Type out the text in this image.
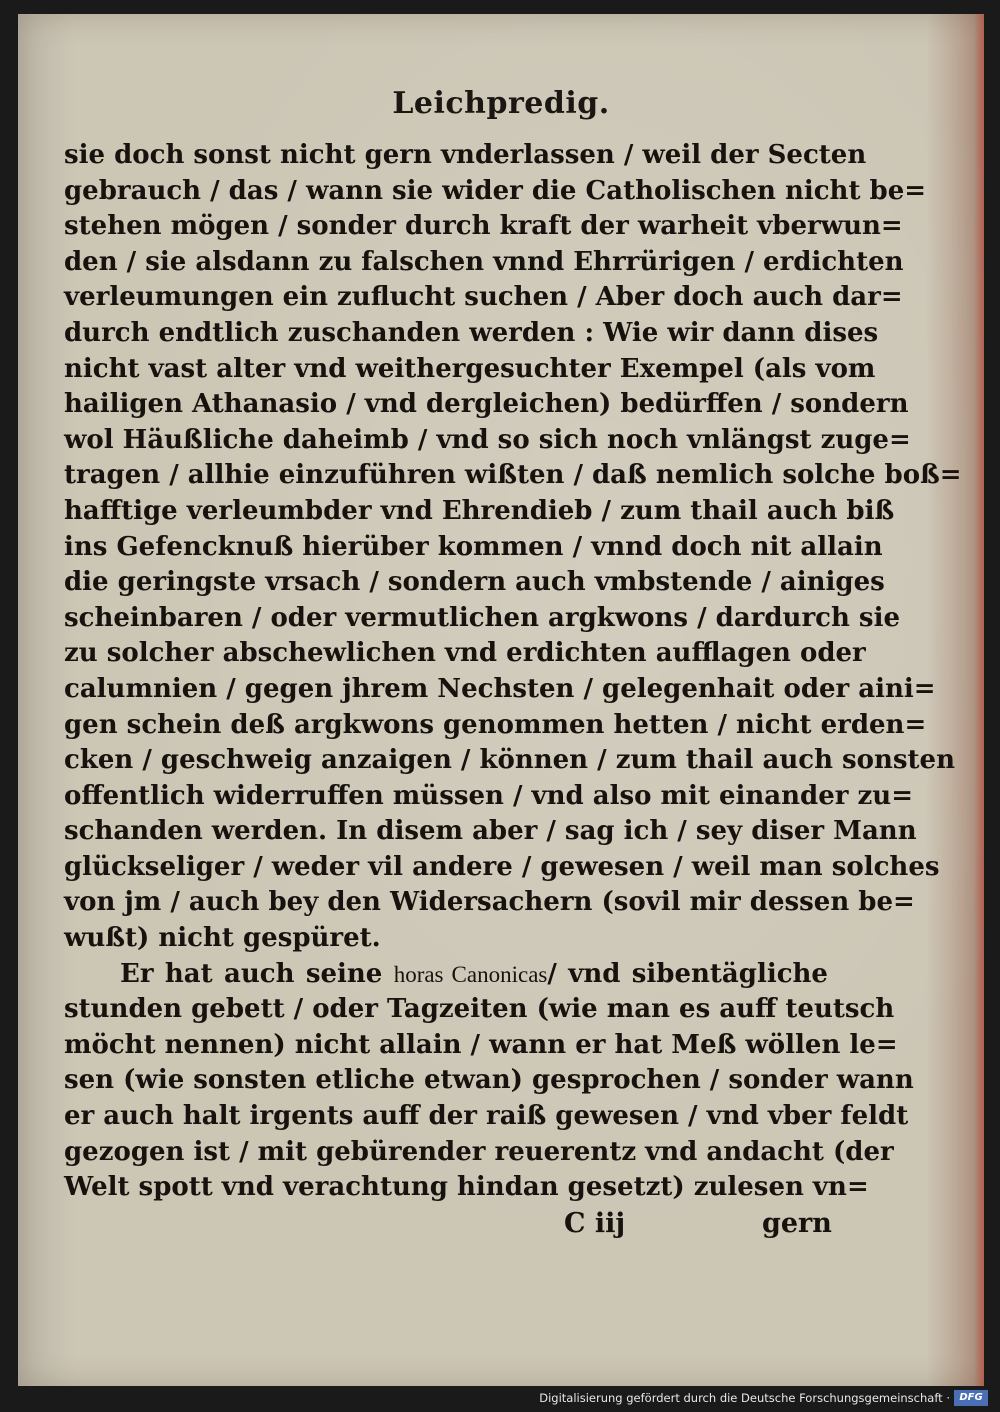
Leichpredig.
sie doch sonst nicht gern vnderlassen / weil der Secten
gebrauch / das / wann sie wider die Catholischen nicht be=
stehen mögen / sonder durch kraft der warheit vberwun=
den / sie alsdann zu falschen vnnd Ehrrürigen / erdichten
verleumungen ein zuflucht suchen / Aber doch auch dar=
durch endtlich zuschanden werden : Wie wir dann dises
nicht vast alter vnd weithergesuchter Exempel (als vom
hailigen Athanasio / vnd dergleichen) bedürffen / sondern
wol Häußliche daheimb / vnd so sich noch vnlängst zuge=
tragen / allhie einzuführen wißten / daß nemlich solche boß=
hafftige verleumbder vnd Ehrendieb / zum thail auch biß
ins Gefencknuß hierüber kommen / vnnd doch nit allain
die geringste vrsach / sondern auch vmbstende / ainiges
scheinbaren / oder vermutlichen argkwons / dardurch sie
zu solcher abschewlichen vnd erdichten aufflagen oder
calumnien / gegen jhrem Nechsten / gelegenhait oder aini=
gen schein deß argkwons genommen hetten / nicht erden=
cken / geschweig anzaigen / können / zum thail auch sonsten
offentlich widerruffen müssen / vnd also mit einander zu=
schanden werden. In disem aber / sag ich / sey diser Mann
glückseliger / weder vil andere / gewesen / weil man solches
von jm / auch bey den Widersachern (sovil mir dessen be=
wußt) nicht gespüret.
Er hat auch seine horas Canonicas/ vnd sibentägliche
stunden gebett / oder Tagzeiten (wie man es auff teutsch
möcht nennen) nicht allain / wann er hat Meß wöllen le=
sen (wie sonsten etliche etwan) gesprochen / sonder wann
er auch halt irgents auff der raiß gewesen / vnd vber feldt
gezogen ist / mit gebürender reuerentz vnd andacht (der
Welt spott vnd verachtung hindan gesetzt) zulesen vn=
C iij	gern
Digitalisierung gefördert durch die Deutsche Forschungsgemeinschaft · DFG
